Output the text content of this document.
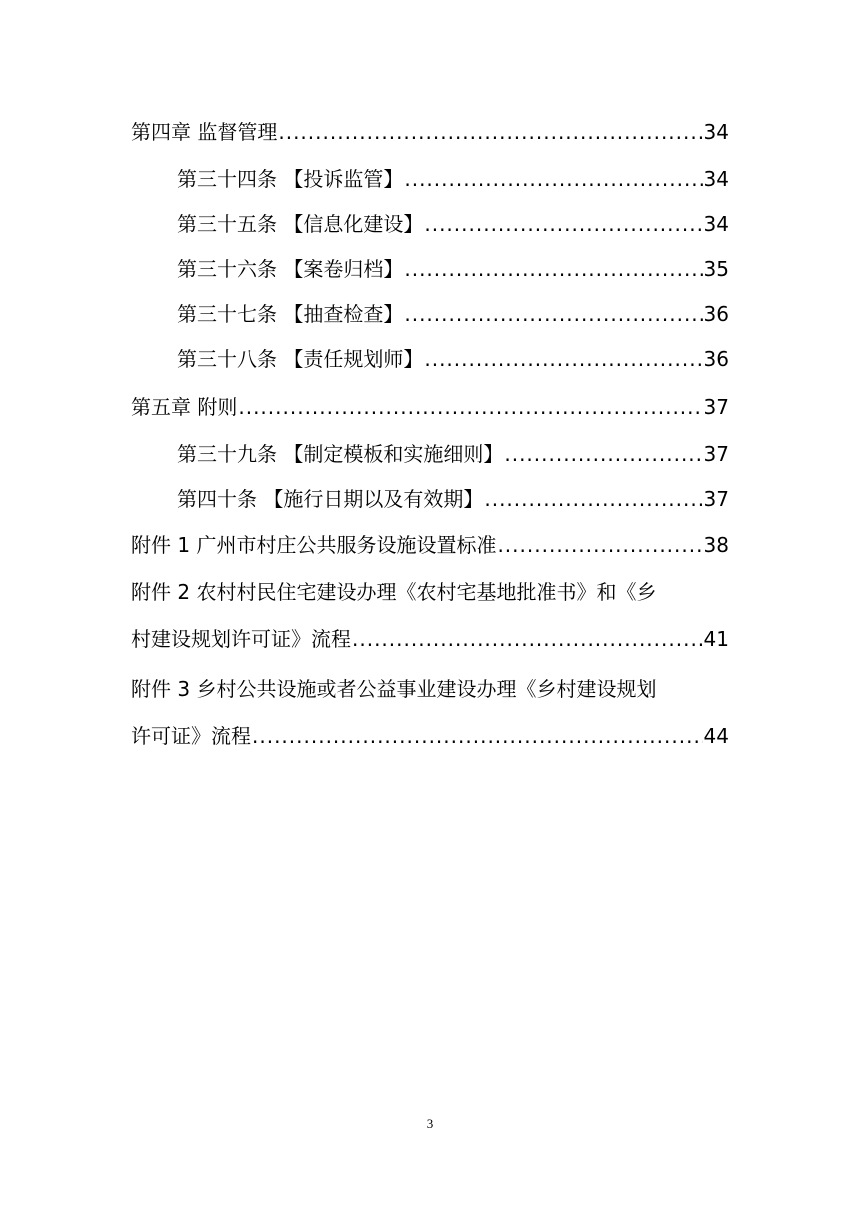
第四章 监督管理 .....	34
第三十四条 【投诉监管】 .....	34
第三十五条 【信息化建设】 .....	34
第三十六条 【案卷归档】 .....	35
第三十七条 【抽查检查】 .....	36
第三十八条 【责任规划师】 .....	36
第五章 附则 .....	37
第三十九条 【制定模板和实施细则】 .....	37
第四十条 【施行日期以及有效期】 .....	37
附件 1 广州市村庄公共服务设施设置标准 .....	38
附件 2 农村村民住宅建设办理《农村宅基地批准书》和《乡
村建设规划许可证》流程 .....	41
附件 3 乡村公共设施或者公益事业建设办理《乡村建设规划
许可证》流程 .....	44
3
